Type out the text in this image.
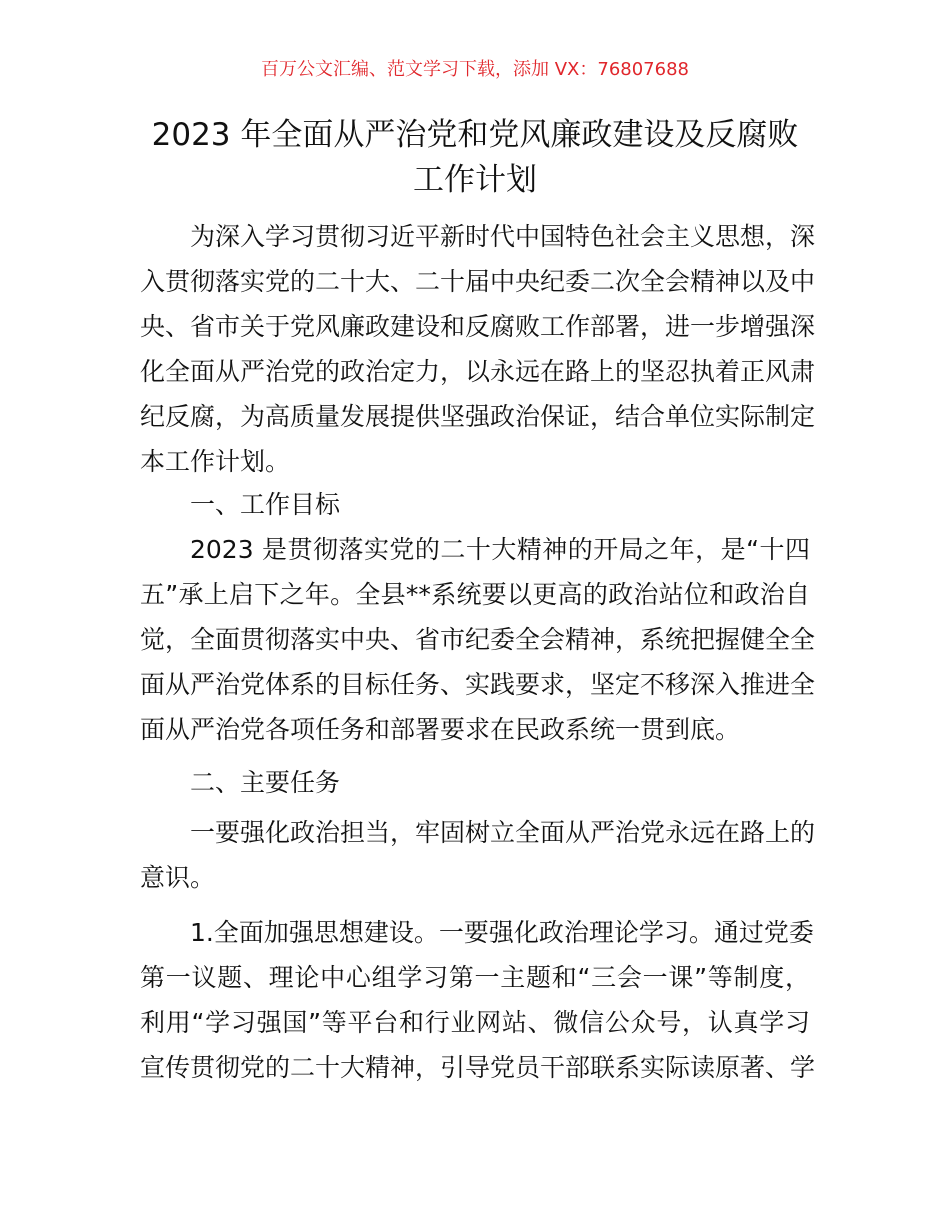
百万公文汇编、范文学习下载，添加 VX：76807688
2023 年全面从严治党和党风廉政建设及反腐败
工作计划
为深入学习贯彻习近平新时代中国特色社会主义思想，深
入贯彻落实党的二十大、二十届中央纪委二次全会精神以及中
央、省市关于党风廉政建设和反腐败工作部署，进一步增强深
化全面从严治党的政治定力，以永远在路上的坚忍执着正风肃
纪反腐，为高质量发展提供坚强政治保证，结合单位实际制定
本工作计划。
一、工作目标
2023 是贯彻落实党的二十大精神的开局之年，是“十四
五”承上启下之年。全县**系统要以更高的政治站位和政治自
觉，全面贯彻落实中央、省市纪委全会精神，系统把握健全全
面从严治党体系的目标任务、实践要求，坚定不移深入推进全
面从严治党各项任务和部署要求在民政系统一贯到底。
二、主要任务
一要强化政治担当，牢固树立全面从严治党永远在路上的
意识。
1.全面加强思想建设。一要强化政治理论学习。通过党委
第一议题、理论中心组学习第一主题和“三会一课”等制度，
利用“学习强国”等平台和行业网站、微信公众号，认真学习
宣传贯彻党的二十大精神，引导党员干部联系实际读原著、学
